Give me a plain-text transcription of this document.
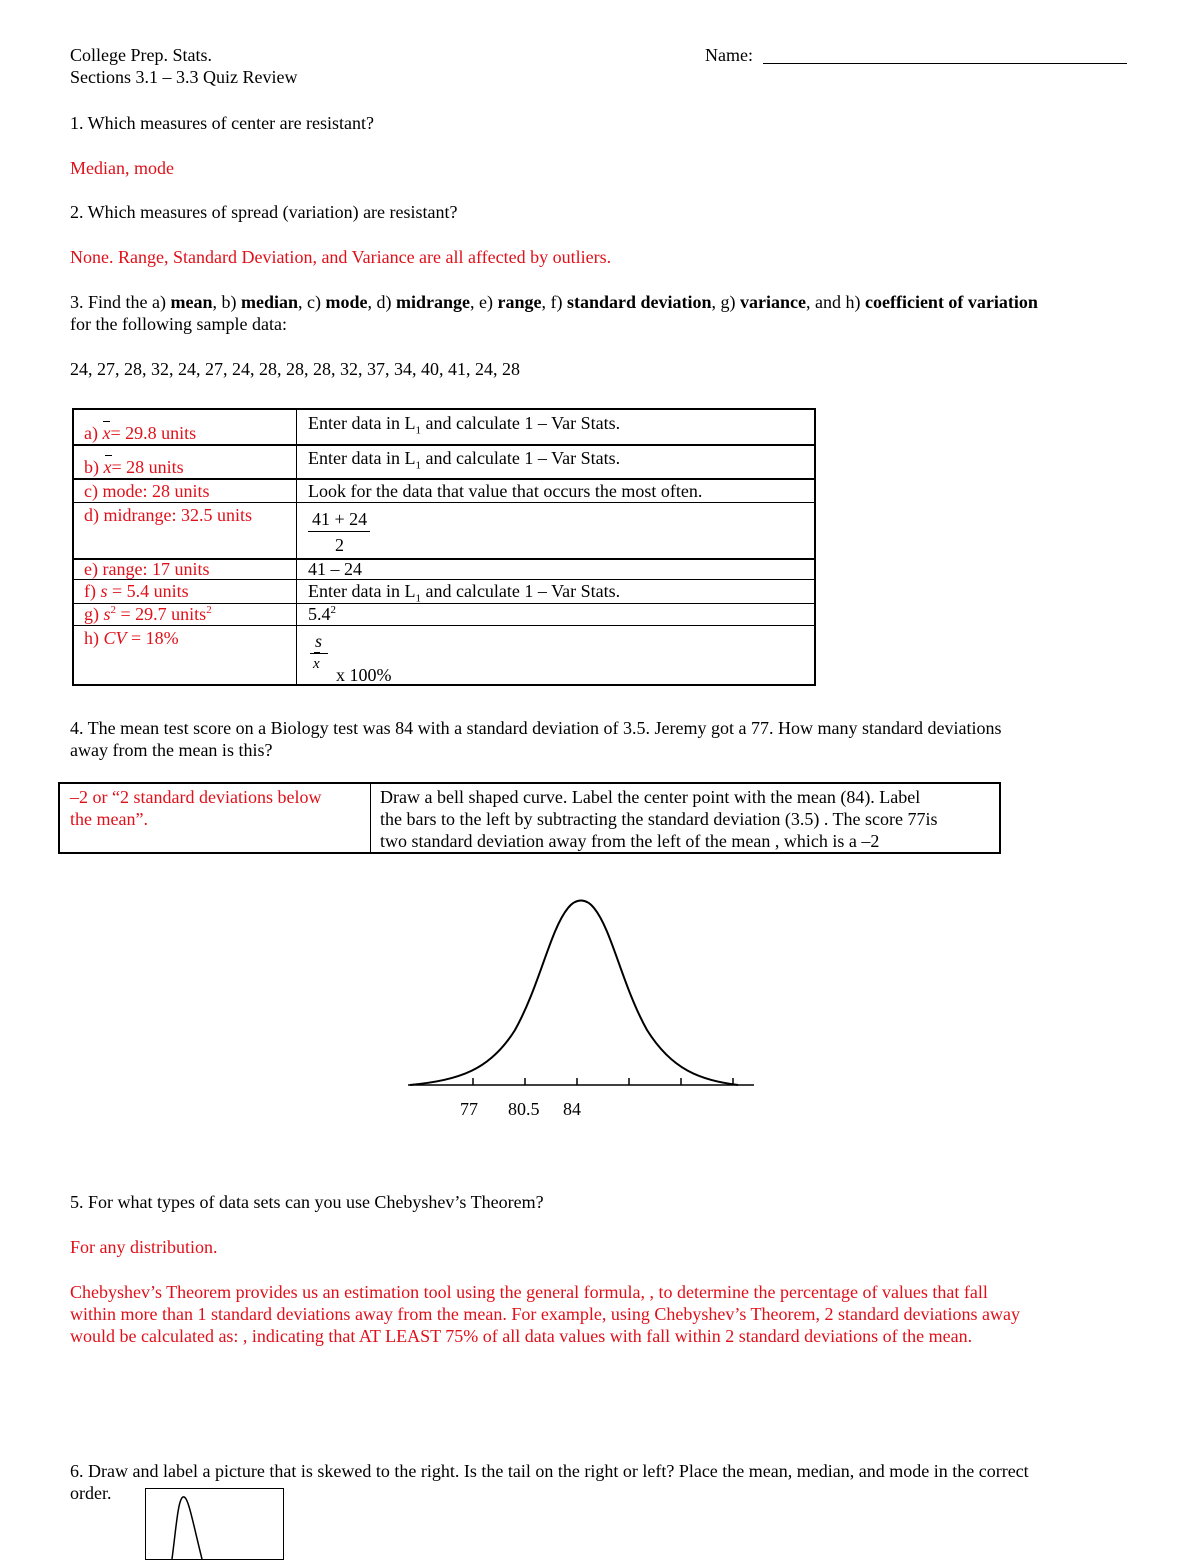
College Prep. Stats.
Sections 3.1 – 3.3 Quiz Review
Name:
1. Which measures of center are resistant?
Median, mode
2. Which measures of spread (variation) are resistant?
None. Range, Standard Deviation, and Variance are all affected by outliers.
3. Find the a) mean, b) median, c) mode, d) midrange, e) range, f) standard deviation, g) variance, and h) coefficient of variation
for the following sample data:
24, 27, 28, 32, 24, 27, 24, 28, 28, 28, 32, 37, 34, 40, 41, 24, 28
a) x= 29.8 units	Enter data in $L_1$ and calculate 1 – Var Stats.
b) x= 28 units	Enter data in $L_1$ and calculate 1 – Var Stats.
c) mode: 28 units	Look for the data that value that occurs the most often.
d) midrange: 32.5 units	41 + 24
2
e) range: 17 units	41 – 24
f) s = 5.4 units	Enter data in $L_1$ and calculate 1 – Var Stats.
g) $s^2 = 29.7$ units$^2$	$5.4^2$
h) CV = 18%	s
x
x 100%
4. The mean test score on a Biology test was 84 with a standard deviation of 3.5. Jeremy got a 77. How many standard deviations
away from the mean is this?
–2 or “2 standard deviations below
the mean”.
Draw a bell shaped curve. Label the center point with the mean (84). Label
the bars to the left by subtracting the standard deviation (3.5) . The score 77is
two standard deviation away from the left of the mean , which is a –2
77 80.5 84
5. For what types of data sets can you use Chebyshev’s Theorem?
For any distribution.
Chebyshev’s Theorem provides us an estimation tool using the general formula, , to determine the percentage of values that fall
within more than 1 standard deviations away from the mean. For example, using Chebyshev’s Theorem, 2 standard deviations away
would be calculated as: , indicating that AT LEAST 75% of all data values with fall within 2 standard deviations of the mean.
6. Draw and label a picture that is skewed to the right. Is the tail on the right or left? Place the mean, median, and mode in the correct
order.
